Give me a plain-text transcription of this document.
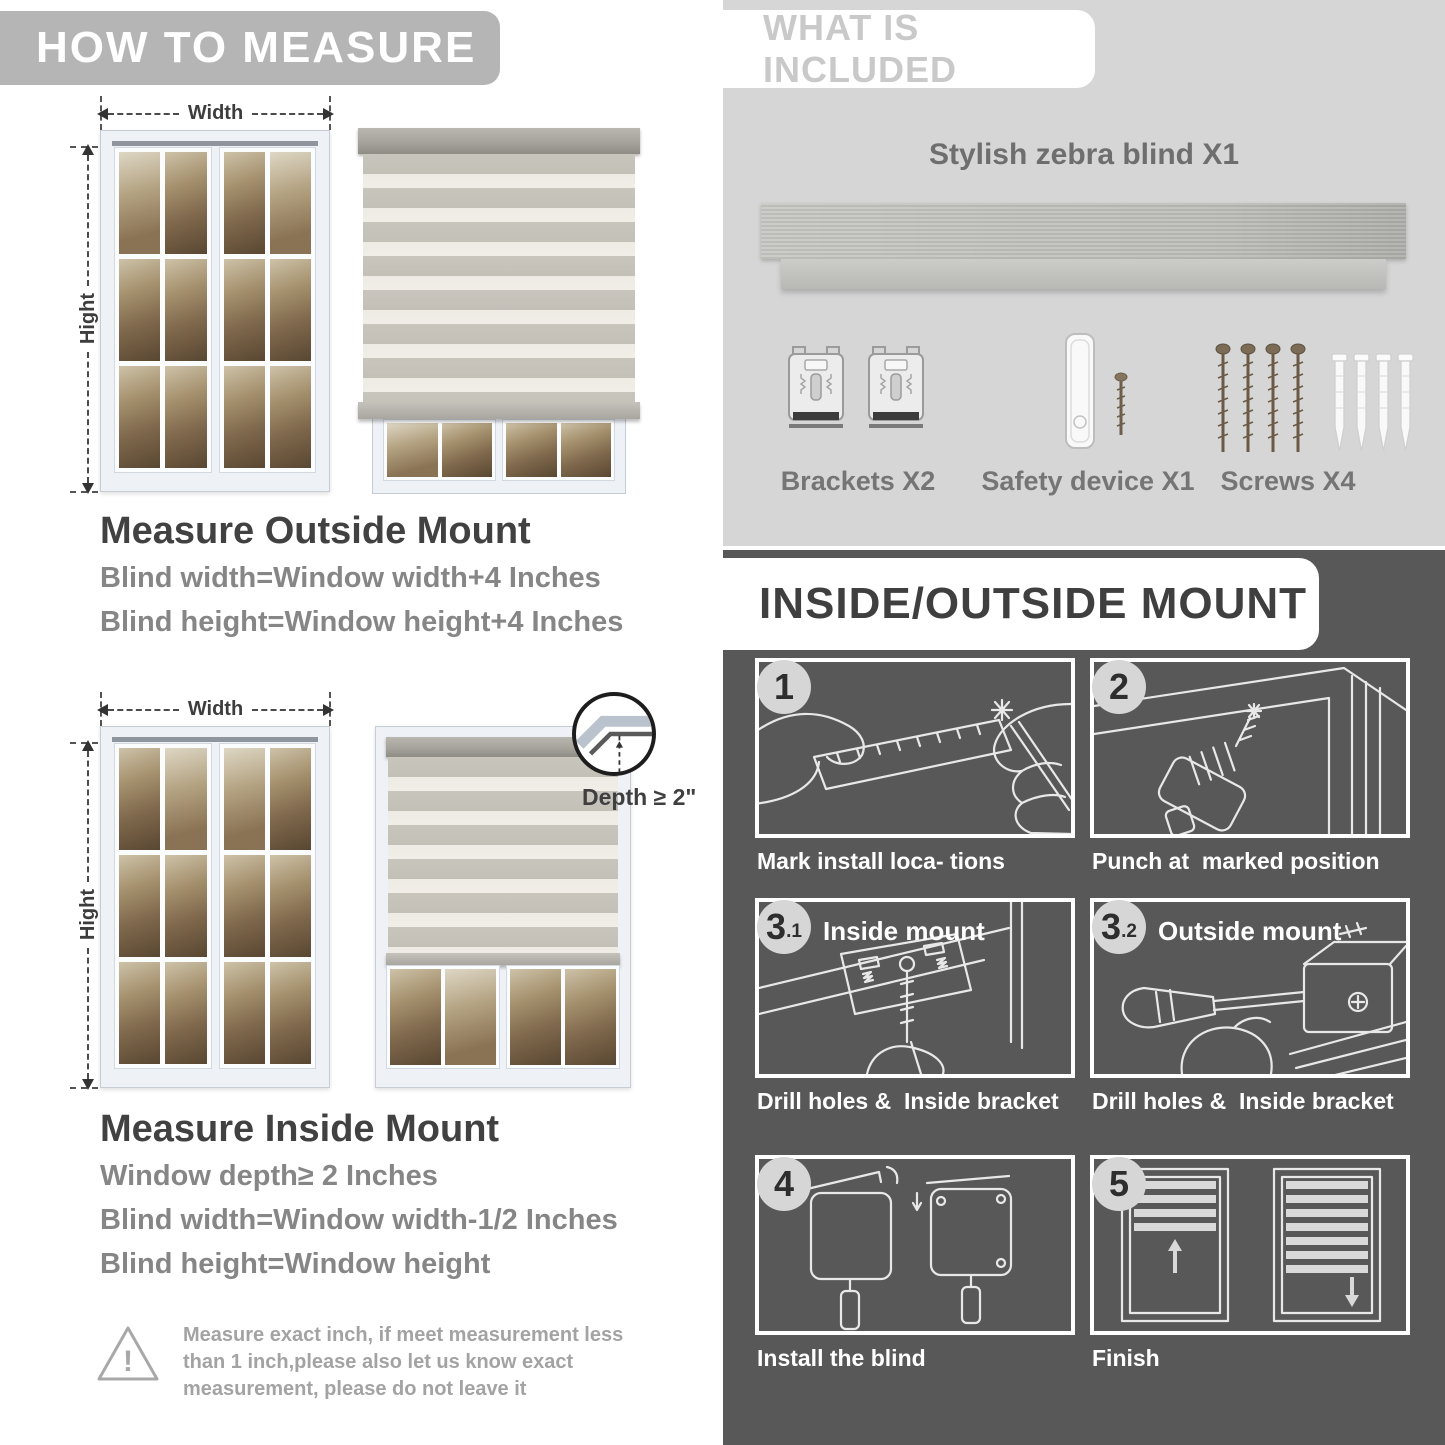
HOW TO MEASURE
Width
Hight
Measure Outside Mount
Blind width=Window width+4 Inches
Blind height=Window height+4 Inches
Width
Hight
Depth ≥ 2"
Measure Inside Mount
Window depth≥ 2 Inches
Blind width=Window width-1/2 Inches
Blind height=Window height
!
Measure exact inch, if meet measurement less than 1 inch,please also let us know exact measurement, please do not leave it
WHAT IS INCLUDED
Stylish zebra blind X1
Brackets X2	Safety device X1 Screws X4
INSIDE/OUTSIDE MOUNT
1	2
Mark install loca- tions	Punch at  marked position
3 .1 Inside mount	3 .2 Outside mount
Drill holes &  Inside bracket Drill holes &  Inside bracket
4	5
Install the blind	Finish
